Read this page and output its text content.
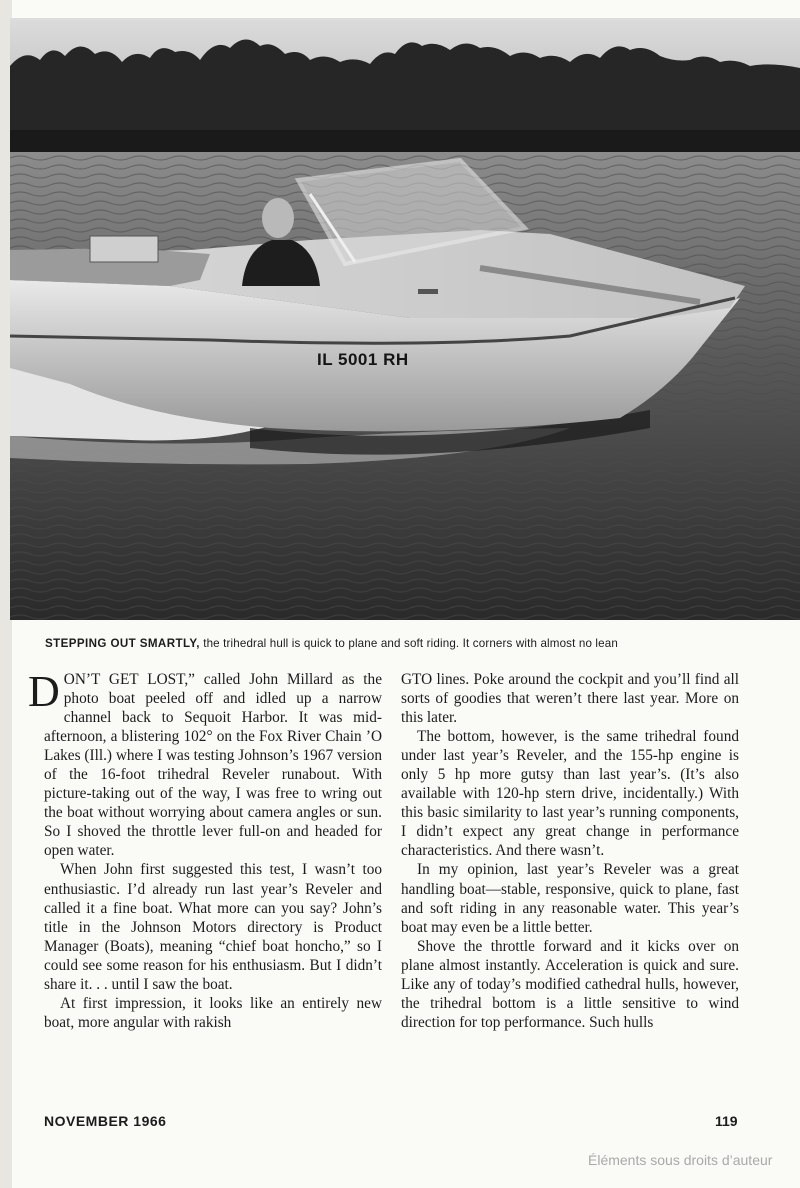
IL 5001 RH
STEPPING OUT SMARTLY, the trihedral hull is quick to plane and soft riding. It corners with almost no lean

DON’T GET LOST,” called John Millard as the photo boat peeled off and idled up a narrow channel back to Sequoit Harbor. It was mid-afternoon, a blistering 102° on the Fox River Chain ’O Lakes (Ill.) where I was testing Johnson’s 1967 version of the 16-foot trihedral Reveler runabout. With picture-taking out of the way, I was free to wring out the boat without worrying about camera angles or sun. So I shoved the throttle lever full-on and headed for open water.

When John first suggested this test, I wasn’t too enthusiastic. I’d already run last year’s Reveler and called it a fine boat. What more can you say? John’s title in the Johnson Motors directory is Product Manager (Boats), meaning “chief boat honcho,” so I could see some reason for his enthusiasm. But I didn’t share it. . . until I saw the boat.

At first impression, it looks like an entirely new boat, more angular with rakish

GTO lines. Poke around the cockpit and you’ll find all sorts of goodies that weren’t there last year. More on this later.

The bottom, however, is the same trihedral found under last year’s Reveler, and the 155-hp engine is only 5 hp more gutsy than last year’s. (It’s also available with 120-hp stern drive, incidentally.) With this basic similarity to last year’s running components, I didn’t expect any great change in performance characteristics. And there wasn’t.

In my opinion, last year’s Reveler was a great handling boat—stable, responsive, quick to plane, fast and soft riding in any reasonable water. This year’s boat may even be a little better.

Shove the throttle forward and it kicks over on plane almost instantly. Acceleration is quick and sure. Like any of today’s modified cathedral hulls, however, the trihedral bottom is a little sensitive to wind direction for top performance. Such hulls

NOVEMBER 1966	119
Éléments sous droits d’auteur
